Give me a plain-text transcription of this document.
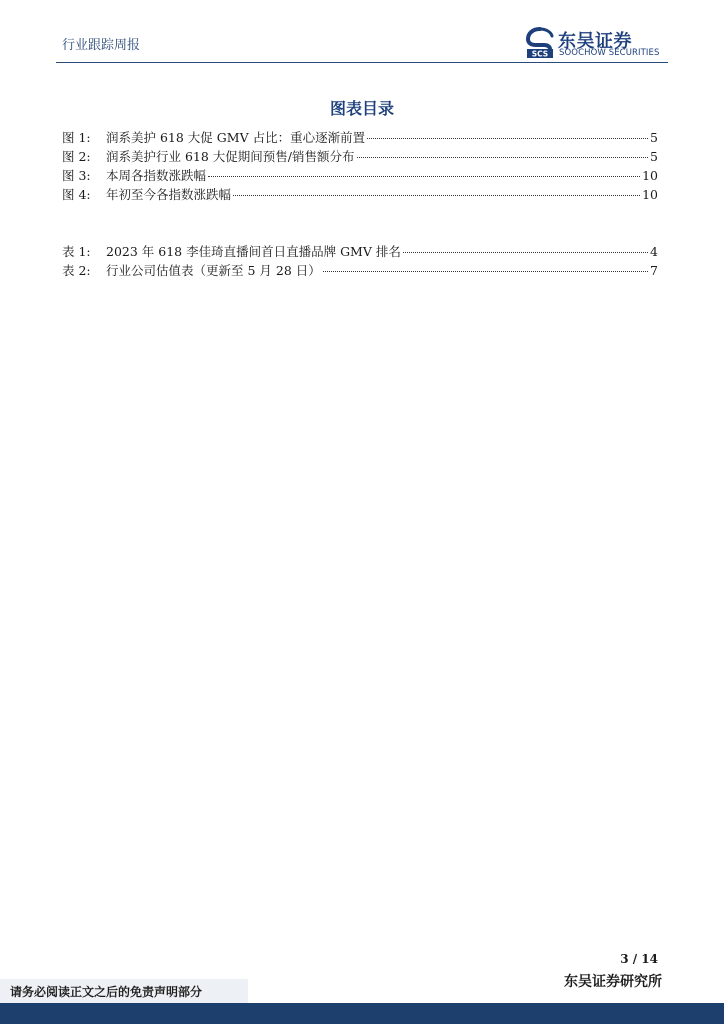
行业跟踪周报
SCS
东吴证券
SOOCHOW SECURITIES
图表目录
图 1:	润系美护 618 大促 GMV 占比：重心逐渐前置	5
图 2:	润系美护行业 618 大促期间预售/销售额分布	5
图 3:	本周各指数涨跌幅	10
图 4:	年初至今各指数涨跌幅	10
表 1:	2023 年 618 李佳琦直播间首日直播品牌 GMV 排名	4
表 2:	行业公司估值表（更新至 5 月 28 日）	7
3 / 14
东吴证券研究所
请务必阅读正文之后的免责声明部分
